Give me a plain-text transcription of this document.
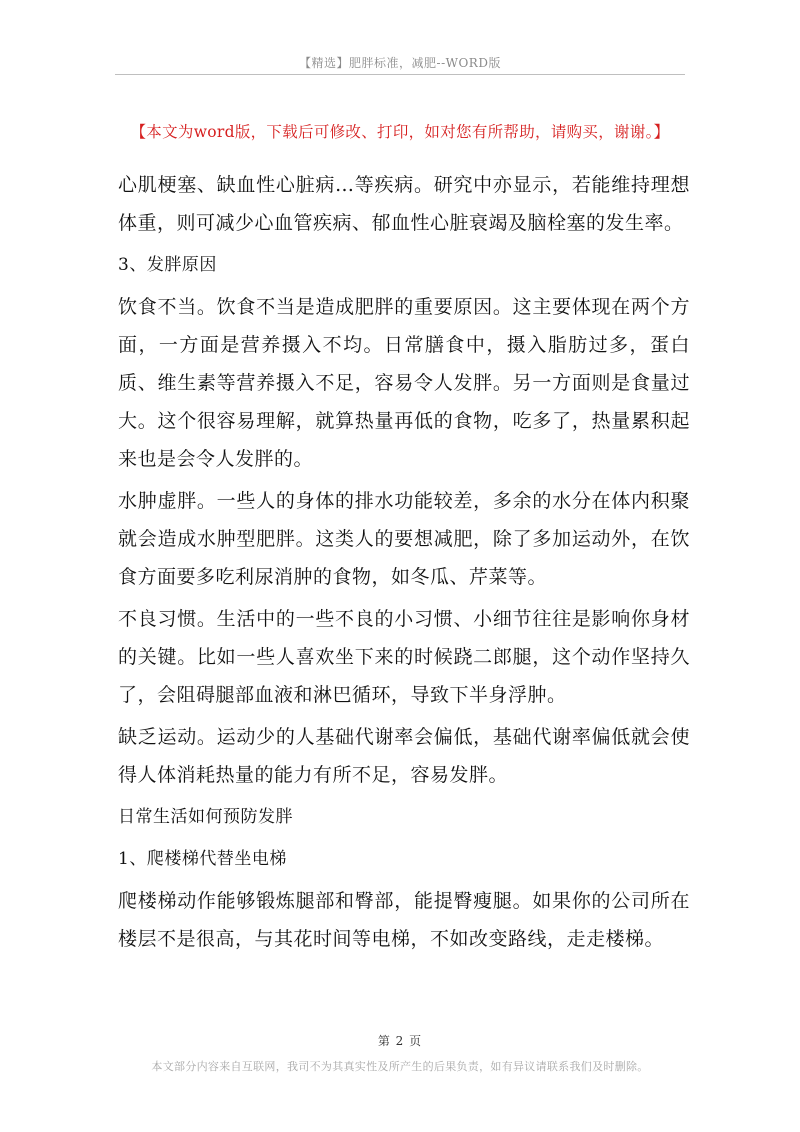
【精选】肥胖标准，减肥--WORD版
【本文为word版，下载后可修改、打印，如对您有所帮助，请购买，谢谢。】

心肌梗塞、缺血性心脏病…等疾病。研究中亦显示，若能维持理想体重，则可减少心血管疾病、郁血性心脏衰竭及脑栓塞的发生率。

3、发胖原因

饮食不当。饮食不当是造成肥胖的重要原因。这主要体现在两个方面，一方面是营养摄入不均。日常膳食中，摄入脂肪过多，蛋白质、维生素等营养摄入不足，容易令人发胖。另一方面则是食量过大。这个很容易理解，就算热量再低的食物，吃多了，热量累积起来也是会令人发胖的。

水肿虚胖。一些人的身体的排水功能较差，多余的水分在体内积聚就会造成水肿型肥胖。这类人的要想减肥，除了多加运动外，在饮食方面要多吃利尿消肿的食物，如冬瓜、芹菜等。

不良习惯。生活中的一些不良的小习惯、小细节往往是影响你身材的关键。比如一些人喜欢坐下来的时候跷二郎腿，这个动作坚持久了，会阻碍腿部血液和淋巴循环，导致下半身浮肿。

缺乏运动。运动少的人基础代谢率会偏低，基础代谢率偏低就会使得人体消耗热量的能力有所不足，容易发胖。

日常生活如何预防发胖

1、爬楼梯代替坐电梯

爬楼梯动作能够锻炼腿部和臀部，能提臀瘦腿。如果你的公司所在楼层不是很高，与其花时间等电梯，不如改变路线，走走楼梯。

第 2 页
本文部分内容来自互联网，我司不为其真实性及所产生的后果负责，如有异议请联系我们及时删除。
